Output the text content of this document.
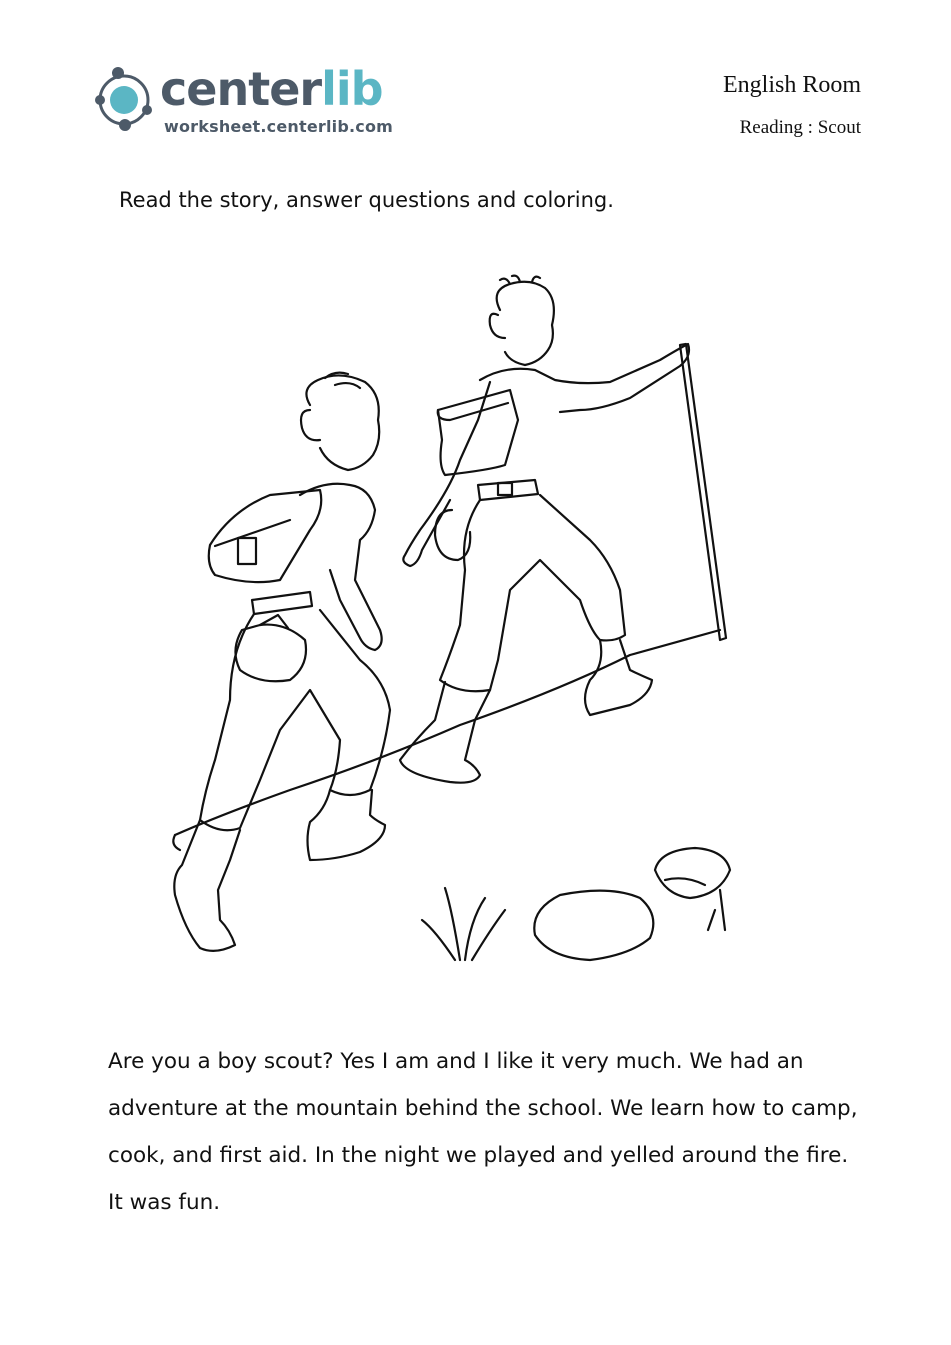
centerlib
worksheet.centerlib.com
English Room
Reading : Scout
Read the story, answer questions and coloring.
Are you a boy scout? Yes I am and I like it very much. We had an adventure at the mountain behind the school. We learn how to camp, cook, and first aid. In the night we played and yelled around the fire. It was fun.
